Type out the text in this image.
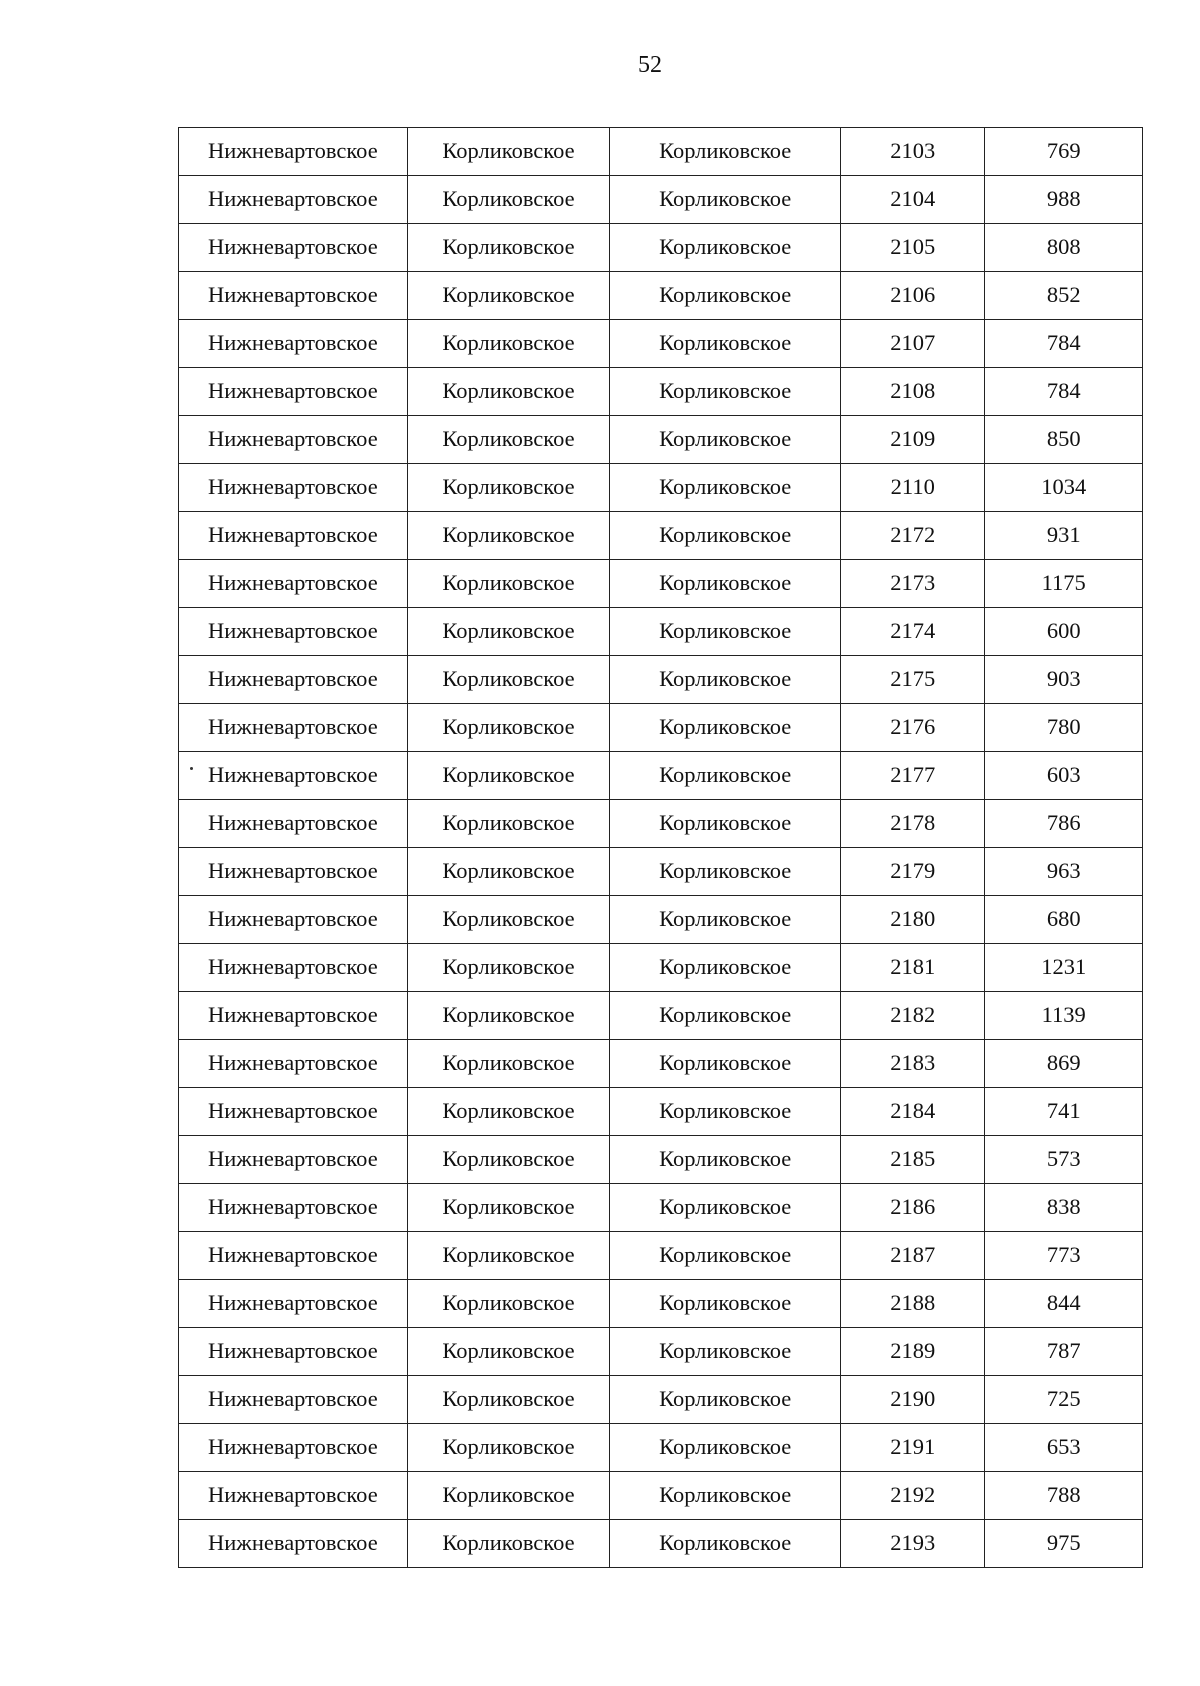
52
Нижневартовское	Корликовское	Корликовское	2103	769
Нижневартовское	Корликовское	Корликовское	2104	988
Нижневартовское	Корликовское	Корликовское	2105	808
Нижневартовское	Корликовское	Корликовское	2106	852
Нижневартовское	Корликовское	Корликовское	2107	784
Нижневартовское	Корликовское	Корликовское	2108	784
Нижневартовское	Корликовское	Корликовское	2109	850
Нижневартовское	Корликовское	Корликовское	2110	1034
Нижневартовское	Корликовское	Корликовское	2172	931
Нижневартовское	Корликовское	Корликовское	2173	1175
Нижневартовское	Корликовское	Корликовское	2174	600
Нижневартовское	Корликовское	Корликовское	2175	903
Нижневартовское	Корликовское	Корликовское	2176	780
Нижневартовское	Корликовское	Корликовское	2177	603
Нижневартовское	Корликовское	Корликовское	2178	786
Нижневартовское	Корликовское	Корликовское	2179	963
Нижневартовское	Корликовское	Корликовское	2180	680
Нижневартовское	Корликовское	Корликовское	2181	1231
Нижневартовское	Корликовское	Корликовское	2182	1139
Нижневартовское	Корликовское	Корликовское	2183	869
Нижневартовское	Корликовское	Корликовское	2184	741
Нижневартовское	Корликовское	Корликовское	2185	573
Нижневартовское	Корликовское	Корликовское	2186	838
Нижневартовское	Корликовское	Корликовское	2187	773
Нижневартовское	Корликовское	Корликовское	2188	844
Нижневартовское	Корликовское	Корликовское	2189	787
Нижневартовское	Корликовское	Корликовское	2190	725
Нижневартовское	Корликовское	Корликовское	2191	653
Нижневартовское	Корликовское	Корликовское	2192	788
Нижневартовское	Корликовское	Корликовское	2193	975
